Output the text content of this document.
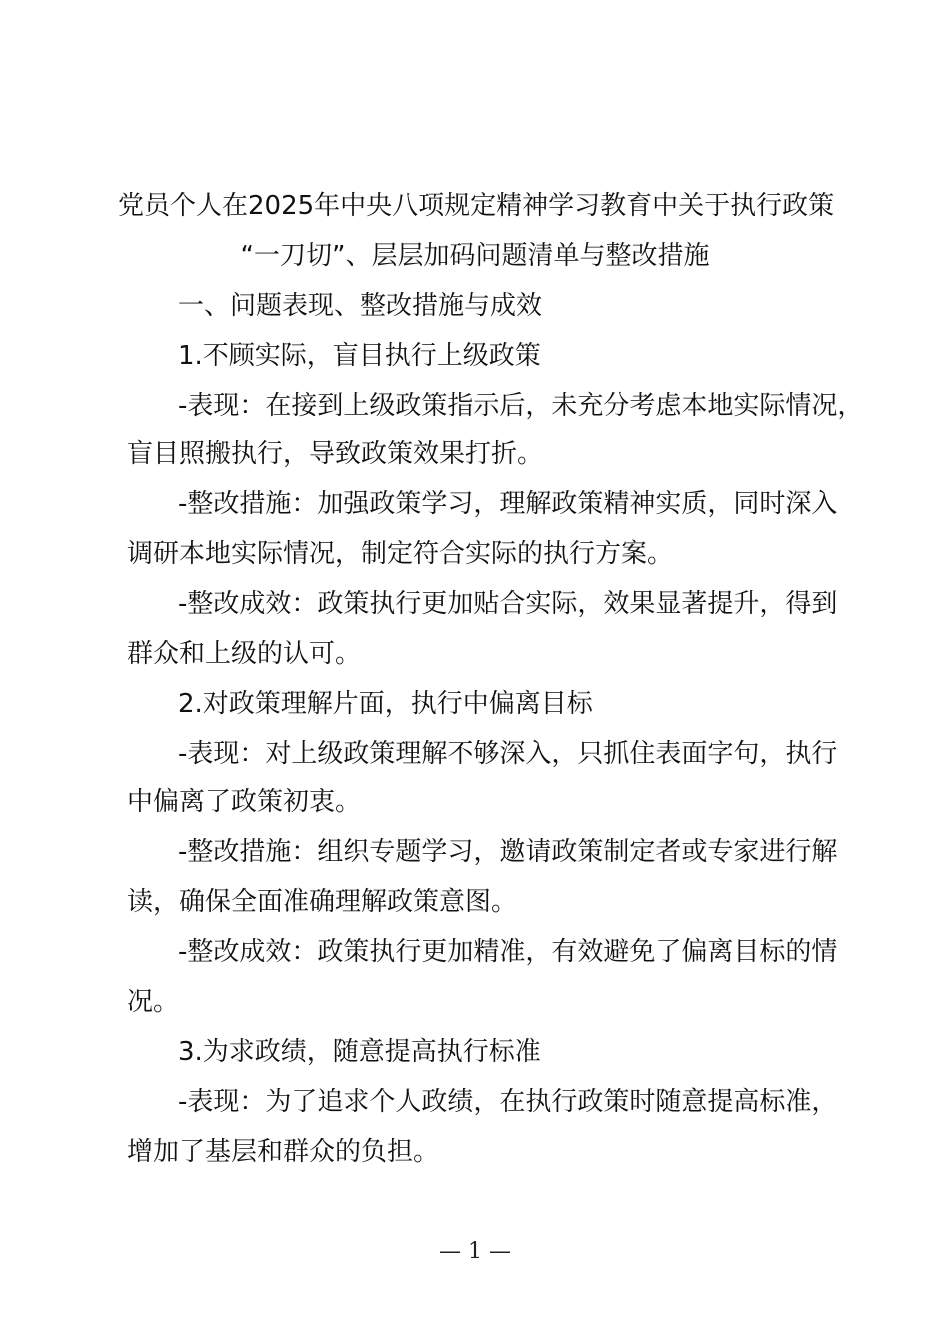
党员个人在2025年中央八项规定精神学习教育中关于执行政策
“一刀切”、层层加码问题清单与整改措施
一、问题表现、整改措施与成效
1.不顾实际，盲目执行上级政策
-表现：在接到上级政策指示后，未充分考虑本地实际情况，
盲目照搬执行，导致政策效果打折。
-整改措施：加强政策学习，理解政策精神实质，同时深入
调研本地实际情况，制定符合实际的执行方案。
-整改成效：政策执行更加贴合实际，效果显著提升，得到
群众和上级的认可。
2.对政策理解片面，执行中偏离目标
-表现：对上级政策理解不够深入，只抓住表面字句，执行
中偏离了政策初衷。
-整改措施：组织专题学习，邀请政策制定者或专家进行解
读，确保全面准确理解政策意图。
-整改成效：政策执行更加精准，有效避免了偏离目标的情
况。
3.为求政绩，随意提高执行标准
-表现：为了追求个人政绩，在执行政策时随意提高标准，
增加了基层和群众的负担。
— 1 —
